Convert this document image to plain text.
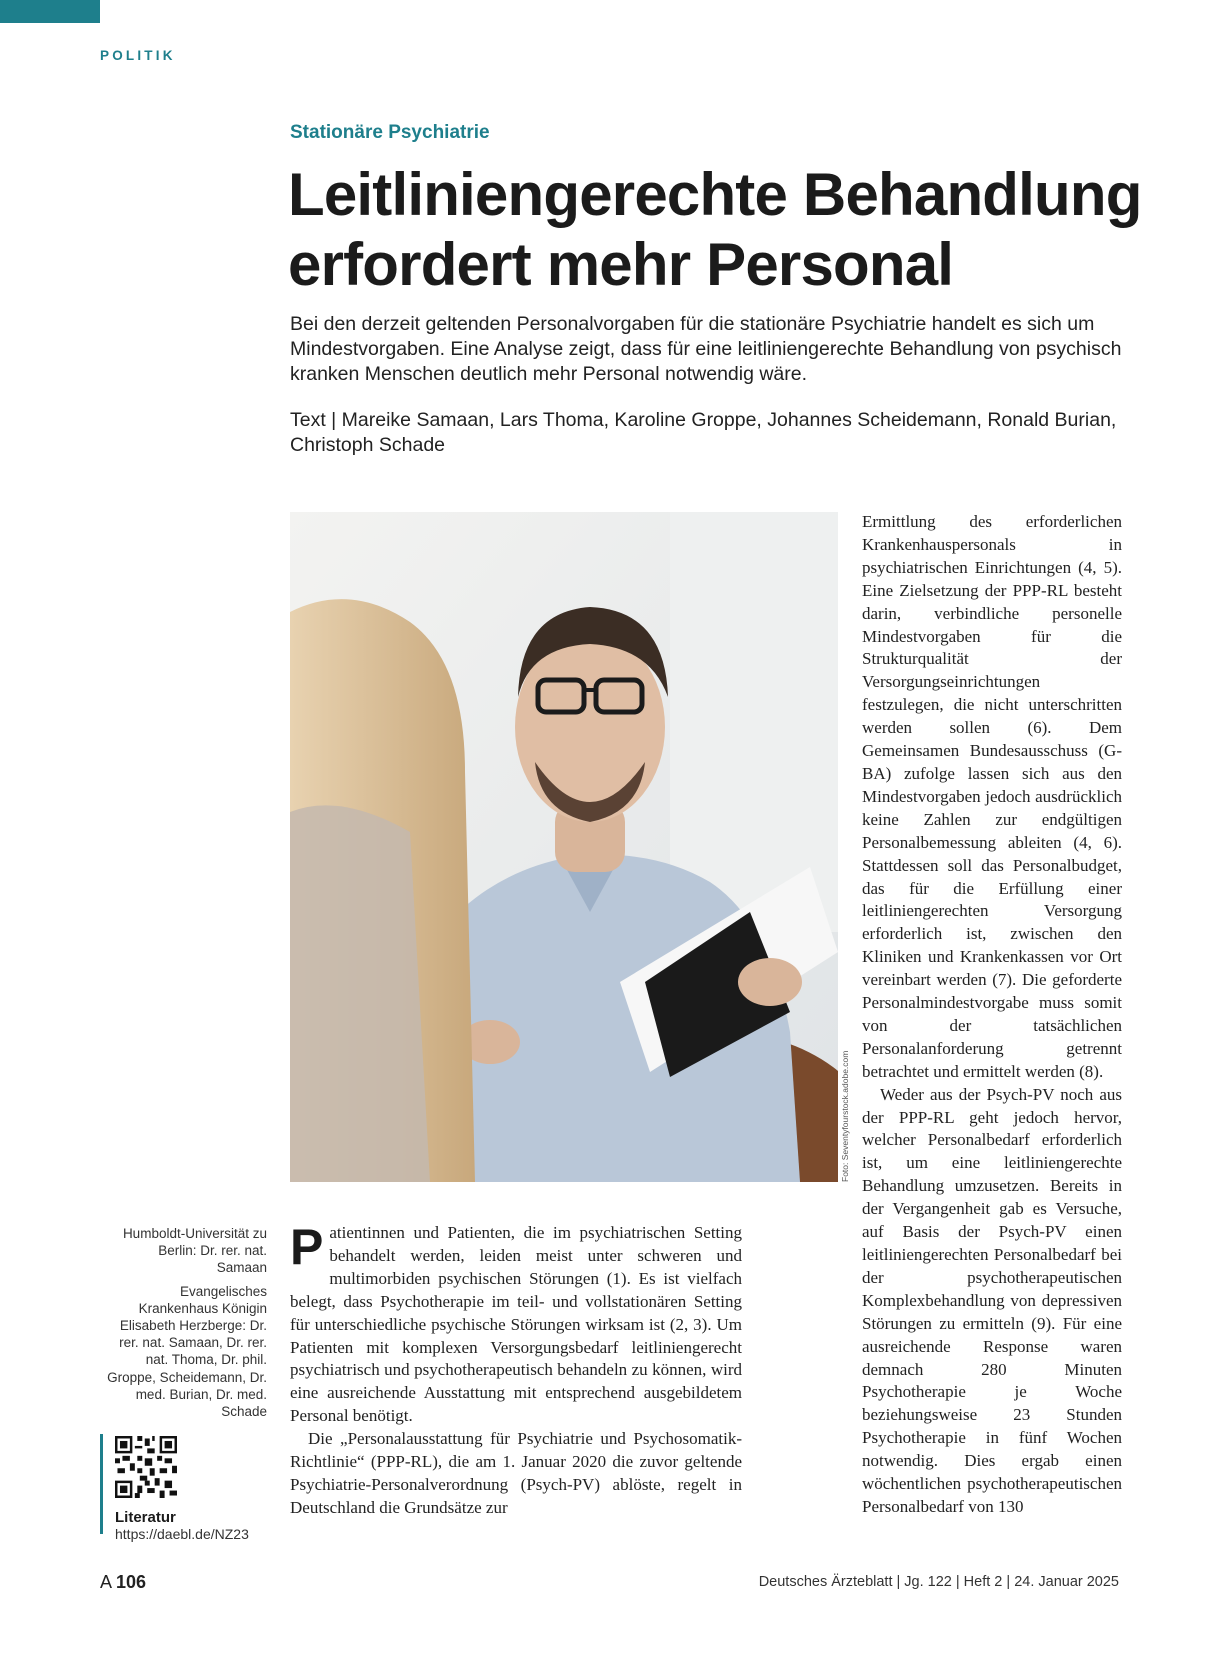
POLITIK
Stationäre Psychiatrie
Leitliniengerechte Behandlung
erfordert mehr Personal

Bei den derzeit geltenden Personalvorgaben für die stationäre Psychiatrie handelt es sich um Mindestvorgaben. Eine Analyse zeigt, dass für eine leitliniengerechte Behandlung von psychisch kranken Menschen deutlich mehr Personal notwendig wäre.

Text | Mareike Samaan, Lars Thoma, Karoline Groppe, Johannes Scheidemann, Ronald Burian, Christoph Schade

Foto: Seventyfourstock.adobe.com

Ermittlung des erforderlichen Krankenhauspersonals in psychiatrischen Einrichtungen (4, 5). Eine Zielsetzung der PPP-RL besteht darin, verbindliche personelle Mindestvorgaben für die Strukturqualität der Versorgungseinrichtungen festzulegen, die nicht unterschritten werden sollen (6). Dem Gemeinsamen Bundesausschuss (G-BA) zufolge lassen sich aus den Mindestvorgaben jedoch ausdrücklich keine Zahlen zur endgültigen Personalbemessung ableiten (4, 6). Stattdessen soll das Personalbudget, das für die Erfüllung einer leitliniengerechten Versorgung erforderlich ist, zwischen den Kliniken und Krankenkassen vor Ort vereinbart werden (7). Die geforderte Personalmindestvorgabe muss somit von der tatsächlichen Personalanforderung getrennt betrachtet und ermittelt werden (8).

Weder aus der Psych-PV noch aus der PPP-RL geht jedoch hervor, welcher Personalbedarf erforderlich ist, um eine leitliniengerechte Behandlung umzusetzen. Bereits in der Vergangenheit gab es Versuche, auf Basis der Psych-PV einen leitliniengerechten Personalbedarf bei der psychotherapeutischen Komplexbehandlung von depressiven Störungen zu ermitteln (9). Für eine ausreichende Response waren demnach 280 Minuten Psychotherapie je Woche beziehungsweise 23 Stunden Psychotherapie in fünf Wochen notwendig. Dies ergab einen wöchentlichen psychotherapeutischen Personalbedarf von 130

Patientinnen und Patienten, die im psychiatrischen Setting behandelt werden, leiden meist unter schweren und multimorbiden psychischen Störungen (1). Es ist vielfach belegt, dass Psychotherapie im teil- und vollstationären Setting für unterschiedliche psychische Störungen wirksam ist (2, 3). Um Patienten mit komplexen Versorgungsbedarf leitliniengerecht psychiatrisch und psychotherapeutisch behandeln zu können, wird eine ausreichende Ausstattung mit entsprechend ausgebildetem Personal benötigt.

Die „Personalausstattung für Psychiatrie und Psychosomatik-Richtlinie“ (PPP-RL), die am 1. Januar 2020 die zuvor geltende Psychiatrie-Personalverordnung (Psych-PV) ablöste, regelt in Deutschland die Grundsätze zur

Humboldt-Universität zu Berlin: Dr. rer. nat. Samaan

Evangelisches Krankenhaus Königin Elisabeth Herzberge: Dr. rer. nat. Samaan, Dr. rer. nat. Thoma, Dr. phil. Groppe, Scheidemann, Dr. med. Burian, Dr. med. Schade

Literatur
https://daebl.de/NZ23
A 106	Deutsches Ärzteblatt | Jg. 122 | Heft 2 | 24. Januar 2025
